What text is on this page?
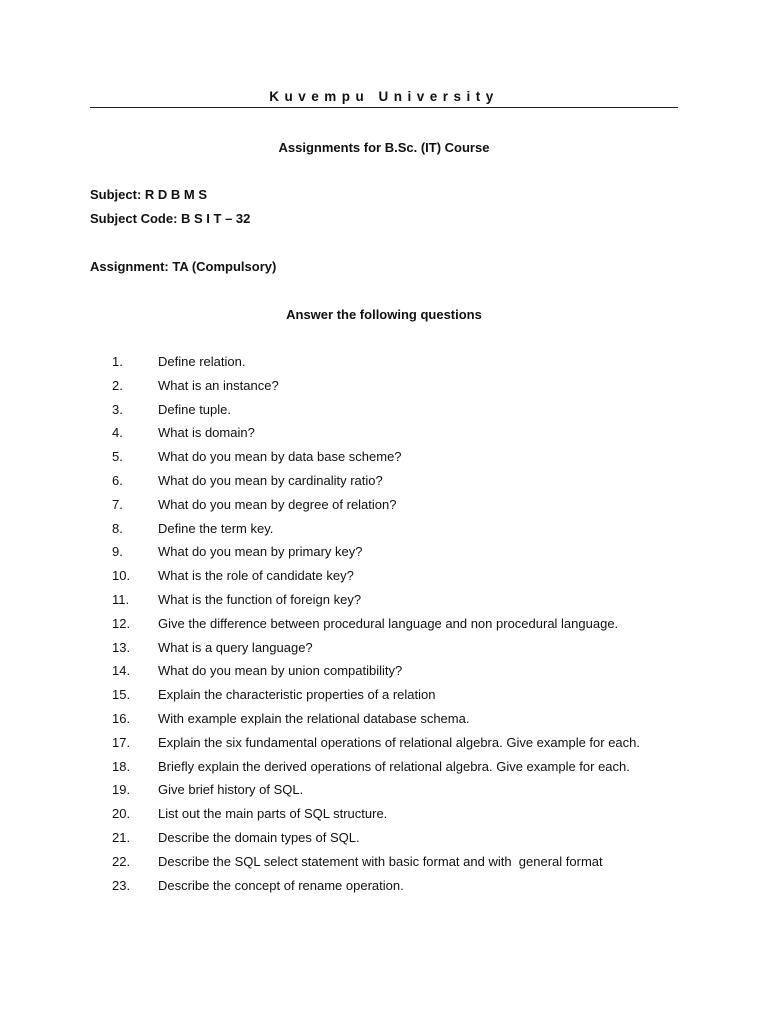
Kuvempu University
Assignments for B.Sc. (IT) Course

Subject: R D B M S

Subject Code: B S I T – 32

Assignment: TA (Compulsory)

Answer the following questions
1.	Define relation.
2.	What is an instance?
3.	Define tuple.
4.	What is domain?
5.	What do you mean by data base scheme?
6.	What do you mean by cardinality ratio?
7.	What do you mean by degree of relation?
8.	Define the term key.
9.	What do you mean by primary key?
10.	What is the role of candidate key?
11.	What is the function of foreign key?
12.	Give the difference between procedural language and non procedural language.
13.	What is a query language?
14.	What do you mean by union compatibility?
15.	Explain the characteristic properties of a relation
16.	With example explain the relational database schema.
17.	Explain the six fundamental operations of relational algebra. Give example for each.
18.	Briefly explain the derived operations of relational algebra. Give example for each.
19.	Give brief history of SQL.
20.	List out the main parts of SQL structure.
21.	Describe the domain types of SQL.
22.	Describe the SQL select statement with basic format and with  general format
23.	Describe the concept of rename operation.
